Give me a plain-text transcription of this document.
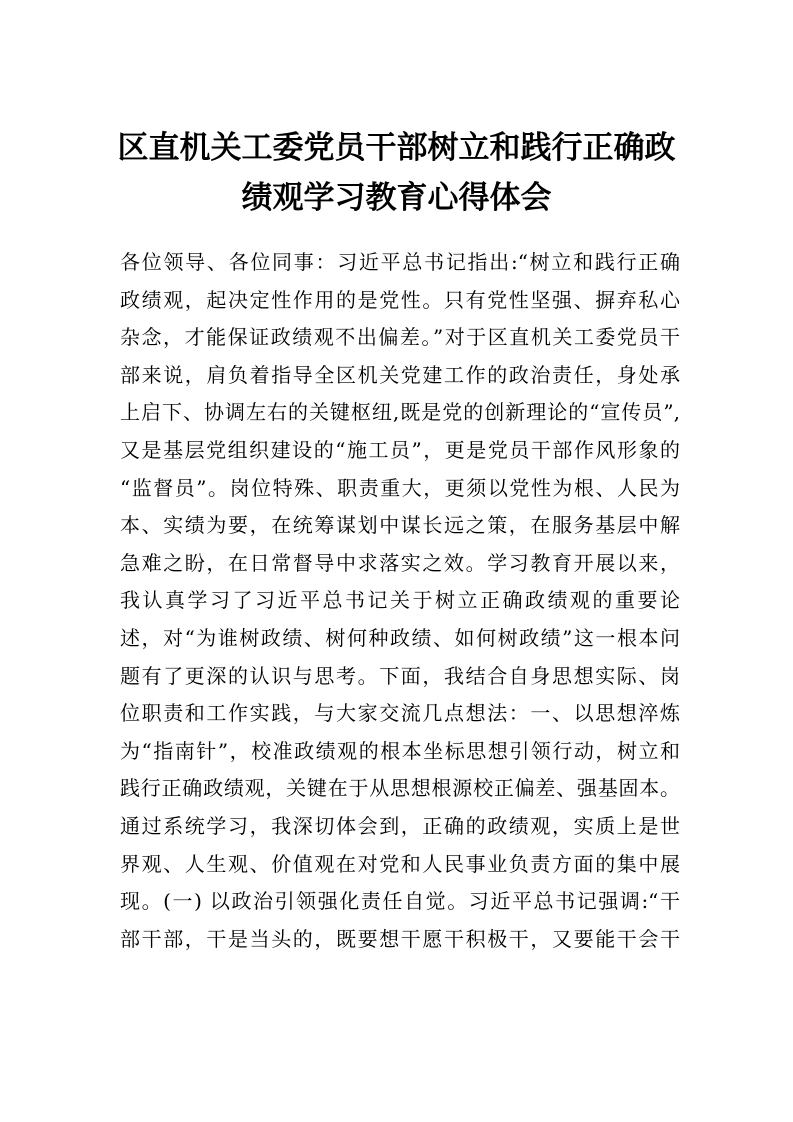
区直机关工委党员干部树立和践行正确政
绩观学习教育心得体会
各位领导、各位同事：习近平总书记指出:“树立和践行正确
政绩观，起决定性作用的是党性。只有党性坚强、摒弃私心
杂念，才能保证政绩观不出偏差。”对于区直机关工委党员干
部来说，肩负着指导全区机关党建工作的政治责任，身处承
上启下、协调左右的关键枢纽,既是党的创新理论的“宣传员”,
又是基层党组织建设的“施工员”，更是党员干部作风形象的
“监督员”。岗位特殊、职责重大，更须以党性为根、人民为
本、实绩为要，在统筹谋划中谋长远之策，在服务基层中解
急难之盼，在日常督导中求落实之效。学习教育开展以来，
我认真学习了习近平总书记关于树立正确政绩观的重要论
述，对“为谁树政绩、树何种政绩、如何树政绩”这一根本问
题有了更深的认识与思考。下面，我结合自身思想实际、岗
位职责和工作实践，与大家交流几点想法：一、以思想淬炼
为“指南针”，校准政绩观的根本坐标思想引领行动，树立和
践行正确政绩观，关键在于从思想根源校正偏差、强基固本。
通过系统学习，我深切体会到，正确的政绩观，实质上是世
界观、人生观、价值观在对党和人民事业负责方面的集中展
现。(一) 以政治引领强化责任自觉。习近平总书记强调:“干
部干部，干是当头的，既要想干愿干积极干，又要能干会干
